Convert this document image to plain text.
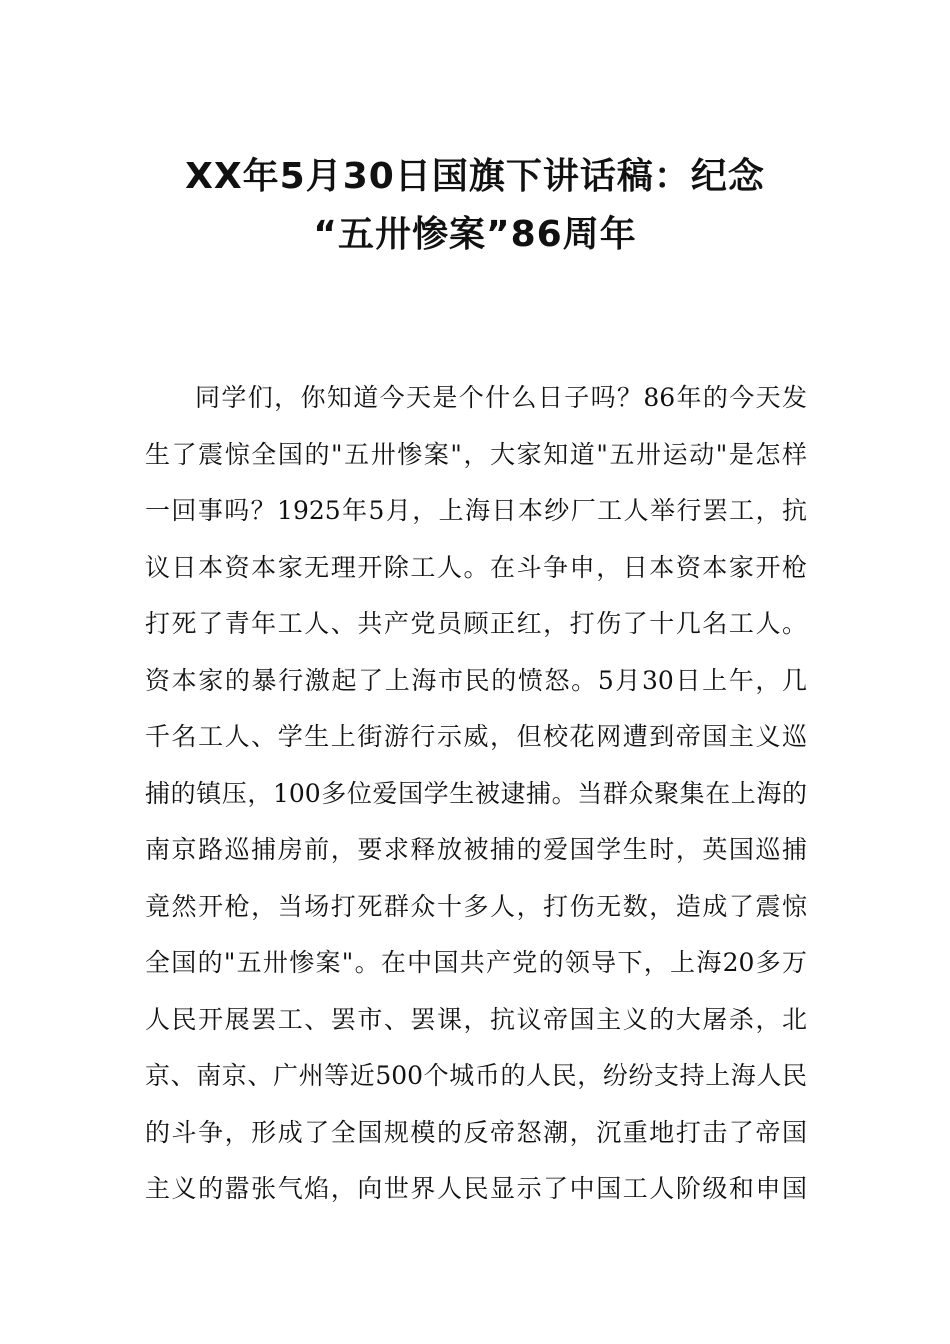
XX年5月30日国旗下讲话稿：纪念
“五卅惨案”86周年
同学们，你知道今天是个什么日子吗？86年的今天发
生了震惊全国的"五卅惨案"，大家知道"五卅运动"是怎样
一回事吗？1925年5月，上海日本纱厂工人举行罢工，抗
议日本资本家无理开除工人。在斗争申，日本资本家开枪
打死了青年工人、共产党员顾正红，打伤了十几名工人。
资本家的暴行激起了上海市民的愤怒。5月30日上午，几
千名工人、学生上街游行示威，但校花网遭到帝国主义巡
捕的镇压，100多位爱国学生被逮捕。当群众聚集在上海的
南京路巡捕房前，要求释放被捕的爱国学生时，英国巡捕
竟然开枪，当场打死群众十多人，打伤无数，造成了震惊
全国的"五卅惨案"。在中国共产党的领导下，上海20多万
人民开展罢工、罢市、罢课，抗议帝国主义的大屠杀，北
京、南京、广州等近500个城币的人民，纷纷支持上海人民
的斗争，形成了全国规模的反帝怒潮，沉重地打击了帝国
主义的嚣张气焰，向世界人民显示了中国工人阶级和申国
